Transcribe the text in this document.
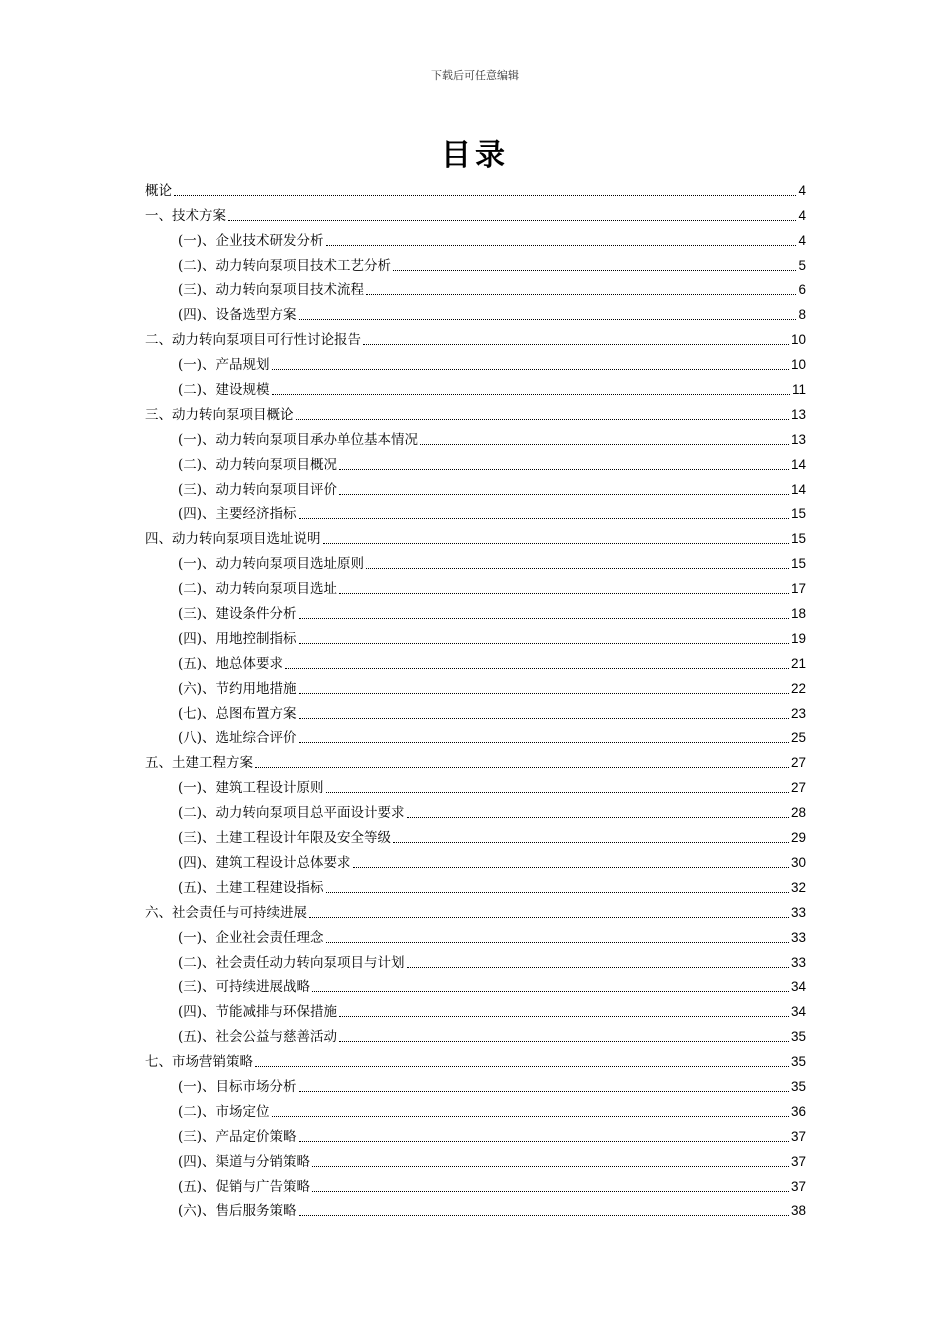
下载后可任意编辑
目录
概论	4
一、技术方案	4
(一)、企业技术研发分析	4
(二)、动力转向泵项目技术工艺分析	5
(三)、动力转向泵项目技术流程	6
(四)、设备选型方案	8
二、动力转向泵项目可行性讨论报告	10
(一)、产品规划	10
(二)、建设规模	11
三、动力转向泵项目概论	13
(一)、动力转向泵项目承办单位基本情况	13
(二)、动力转向泵项目概况	14
(三)、动力转向泵项目评价	14
(四)、主要经济指标	15
四、动力转向泵项目选址说明	15
(一)、动力转向泵项目选址原则	15
(二)、动力转向泵项目选址	17
(三)、建设条件分析	18
(四)、用地控制指标	19
(五)、地总体要求	21
(六)、节约用地措施	22
(七)、总图布置方案	23
(八)、选址综合评价	25
五、土建工程方案	27
(一)、建筑工程设计原则	27
(二)、动力转向泵项目总平面设计要求	28
(三)、土建工程设计年限及安全等级	29
(四)、建筑工程设计总体要求	30
(五)、土建工程建设指标	32
六、社会责任与可持续进展	33
(一)、企业社会责任理念	33
(二)、社会责任动力转向泵项目与计划	33
(三)、可持续进展战略	34
(四)、节能减排与环保措施	34
(五)、社会公益与慈善活动	35
七、市场营销策略	35
(一)、目标市场分析	35
(二)、市场定位	36
(三)、产品定价策略	37
(四)、渠道与分销策略	37
(五)、促销与广告策略	37
(六)、售后服务策略	38
